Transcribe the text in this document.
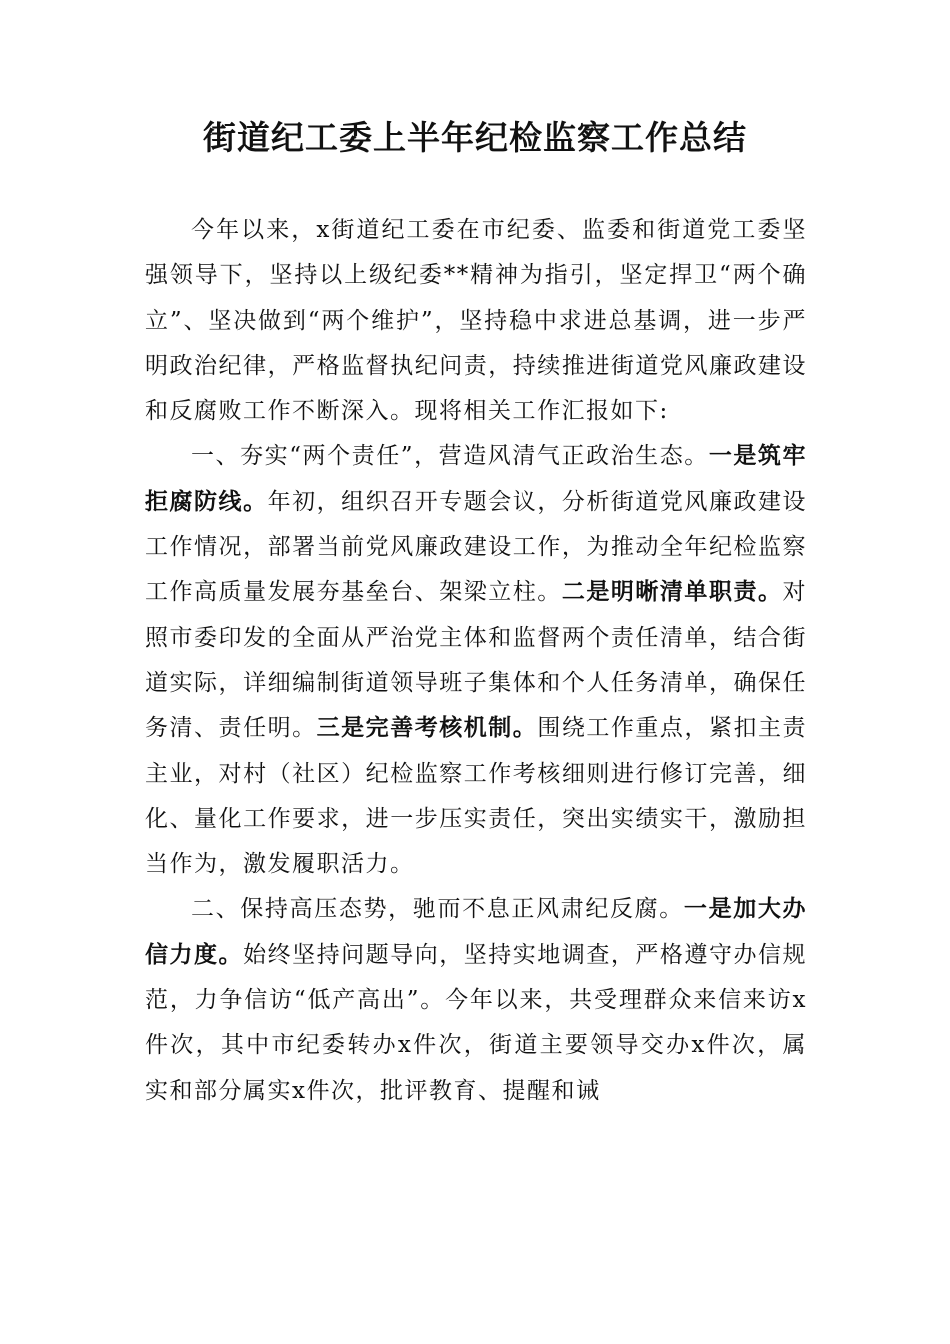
街道纪工委上半年纪检监察工作总结

今年以来，x街道纪工委在市纪委、监委和街道党工委坚强领导下，坚持以上级纪委**精神为指引，坚定捍卫“两个确立”、坚决做到“两个维护”，坚持稳中求进总基调，进一步严明政治纪律，严格监督执纪问责，持续推进街道党风廉政建设和反腐败工作不断深入。现将相关工作汇报如下:

一、夯实“两个责任”，营造风清气正政治生态。一是筑牢拒腐防线。年初，组织召开专题会议，分析街道党风廉政建设工作情况，部署当前党风廉政建设工作，为推动全年纪检监察工作高质量发展夯基垒台、架梁立柱。二是明晰清单职责。对照市委印发的全面从严治党主体和监督两个责任清单，结合街道实际，详细编制街道领导班子集体和个人任务清单，确保任务清、责任明。三是完善考核机制。围绕工作重点，紧扣主责主业，对村（社区）纪检监察工作考核细则进行修订完善，细化、量化工作要求，进一步压实责任，突出实绩实干，激励担当作为，激发履职活力。

二、保持高压态势，驰而不息正风肃纪反腐。一是加大办信力度。始终坚持问题导向，坚持实地调查，严格遵守办信规范，力争信访“低产高出”。今年以来，共受理群众来信来访x件次，其中市纪委转办x件次，街道主要领导交办x件次，属实和部分属实x件次，批评教育、提醒和诫
